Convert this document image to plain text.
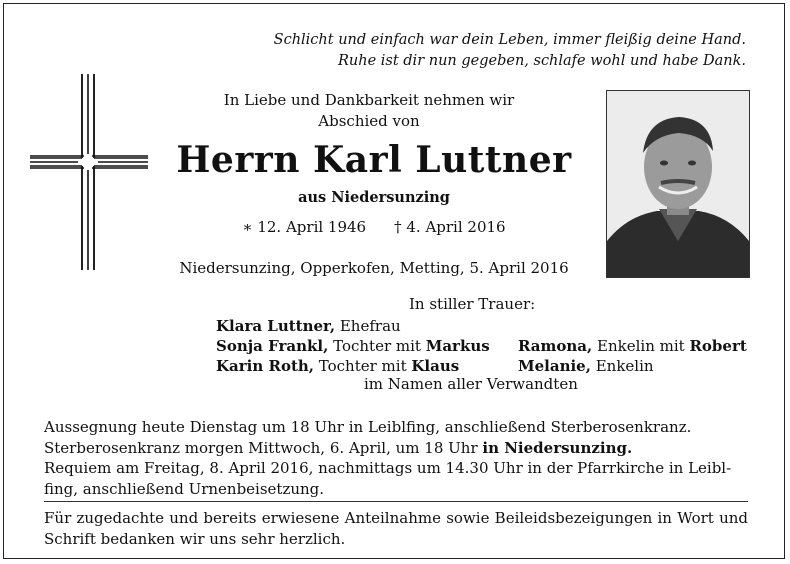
Schlicht und einfach war dein Leben, immer fleißig deine Hand.
Ruhe ist dir nun gegeben, schlafe wohl und habe Dank.
In Liebe und Dankbarkeit nehmen wir
Abschied von
Herrn Karl Luttner
aus Niedersunzing
∗ 12. April 1946 † 4. April 2016
Niedersunzing, Opperkofen, Metting, 5. April 2016
In stiller Trauer:
Klara Luttner, Ehefrau
Sonja Frankl, Tochter mit Markus
Karin Roth, Tochter mit Klaus
Ramona, Enkelin mit Robert
Melanie, Enkelin
im Namen aller Verwandten
Aussegnung heute Dienstag um 18 Uhr in Leiblfing, anschließend Sterberosenkranz.
Sterberosenkranz morgen Mittwoch, 6. April, um 18 Uhr in Niedersunzing.
Requiem am Freitag, 8. April 2016, nachmittags um 14.30 Uhr in der Pfarrkirche in Leibl-
fing, anschließend Urnenbeisetzung.
Für zugedachte und bereits erwiesene Anteilnahme sowie Beileidsbezeigungen in Wort und Schrift bedanken wir uns sehr herzlich.
